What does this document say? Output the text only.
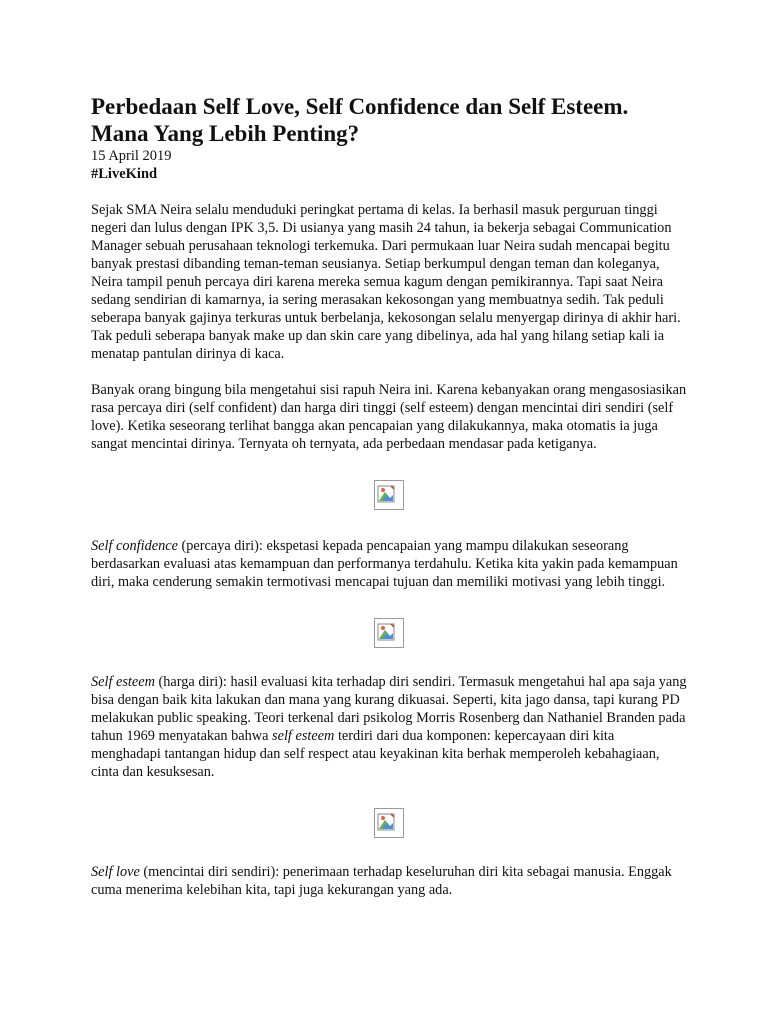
Perbedaan Self Love, Self Confidence dan Self Esteem. Mana Yang Lebih Penting?
15 April 2019
#LiveKind

Sejak SMA Neira selalu menduduki peringkat pertama di kelas. Ia berhasil masuk perguruan tinggi negeri dan lulus dengan IPK 3,5. Di usianya yang masih 24 tahun, ia bekerja sebagai Communication Manager sebuah perusahaan teknologi terkemuka. Dari permukaan luar Neira sudah mencapai begitu banyak prestasi dibanding teman-teman seusianya. Setiap berkumpul dengan teman dan koleganya, Neira tampil penuh percaya diri karena mereka semua kagum dengan pemikirannya. Tapi saat Neira sedang sendirian di kamarnya, ia sering merasakan kekosongan yang membuatnya sedih. Tak peduli seberapa banyak gajinya terkuras untuk berbelanja, kekosongan selalu menyergap dirinya di akhir hari. Tak peduli seberapa banyak make up dan skin care yang dibelinya, ada hal yang hilang setiap kali ia menatap pantulan dirinya di kaca.

Banyak orang bingung bila mengetahui sisi rapuh Neira ini. Karena kebanyakan orang mengasosiasikan rasa percaya diri (self confident) dan harga diri tinggi (self esteem) dengan mencintai diri sendiri (self love). Ketika seseorang terlihat bangga akan pencapaian yang dilakukannya, maka otomatis ia juga sangat mencintai dirinya. Ternyata oh ternyata, ada perbedaan mendasar pada ketiganya.

Self confidence (percaya diri): ekspetasi kepada pencapaian yang mampu dilakukan seseorang berdasarkan evaluasi atas kemampuan dan performanya terdahulu. Ketika kita yakin pada kemampuan diri, maka cenderung semakin termotivasi mencapai tujuan dan memiliki motivasi yang lebih tinggi.

Self esteem (harga diri): hasil evaluasi kita terhadap diri sendiri. Termasuk mengetahui hal apa saja yang bisa dengan baik kita lakukan dan mana yang kurang dikuasai. Seperti, kita jago dansa, tapi kurang PD melakukan public speaking. Teori terkenal dari psikolog Morris Rosenberg dan Nathaniel Branden pada tahun 1969 menyatakan bahwa self esteem terdiri dari dua komponen: kepercayaan diri kita menghadapi tantangan hidup dan self respect atau keyakinan kita berhak memperoleh kebahagiaan, cinta dan kesuksesan.

Self love (mencintai diri sendiri): penerimaan terhadap keseluruhan diri kita sebagai manusia. Enggak cuma menerima kelebihan kita, tapi juga kekurangan yang ada.
